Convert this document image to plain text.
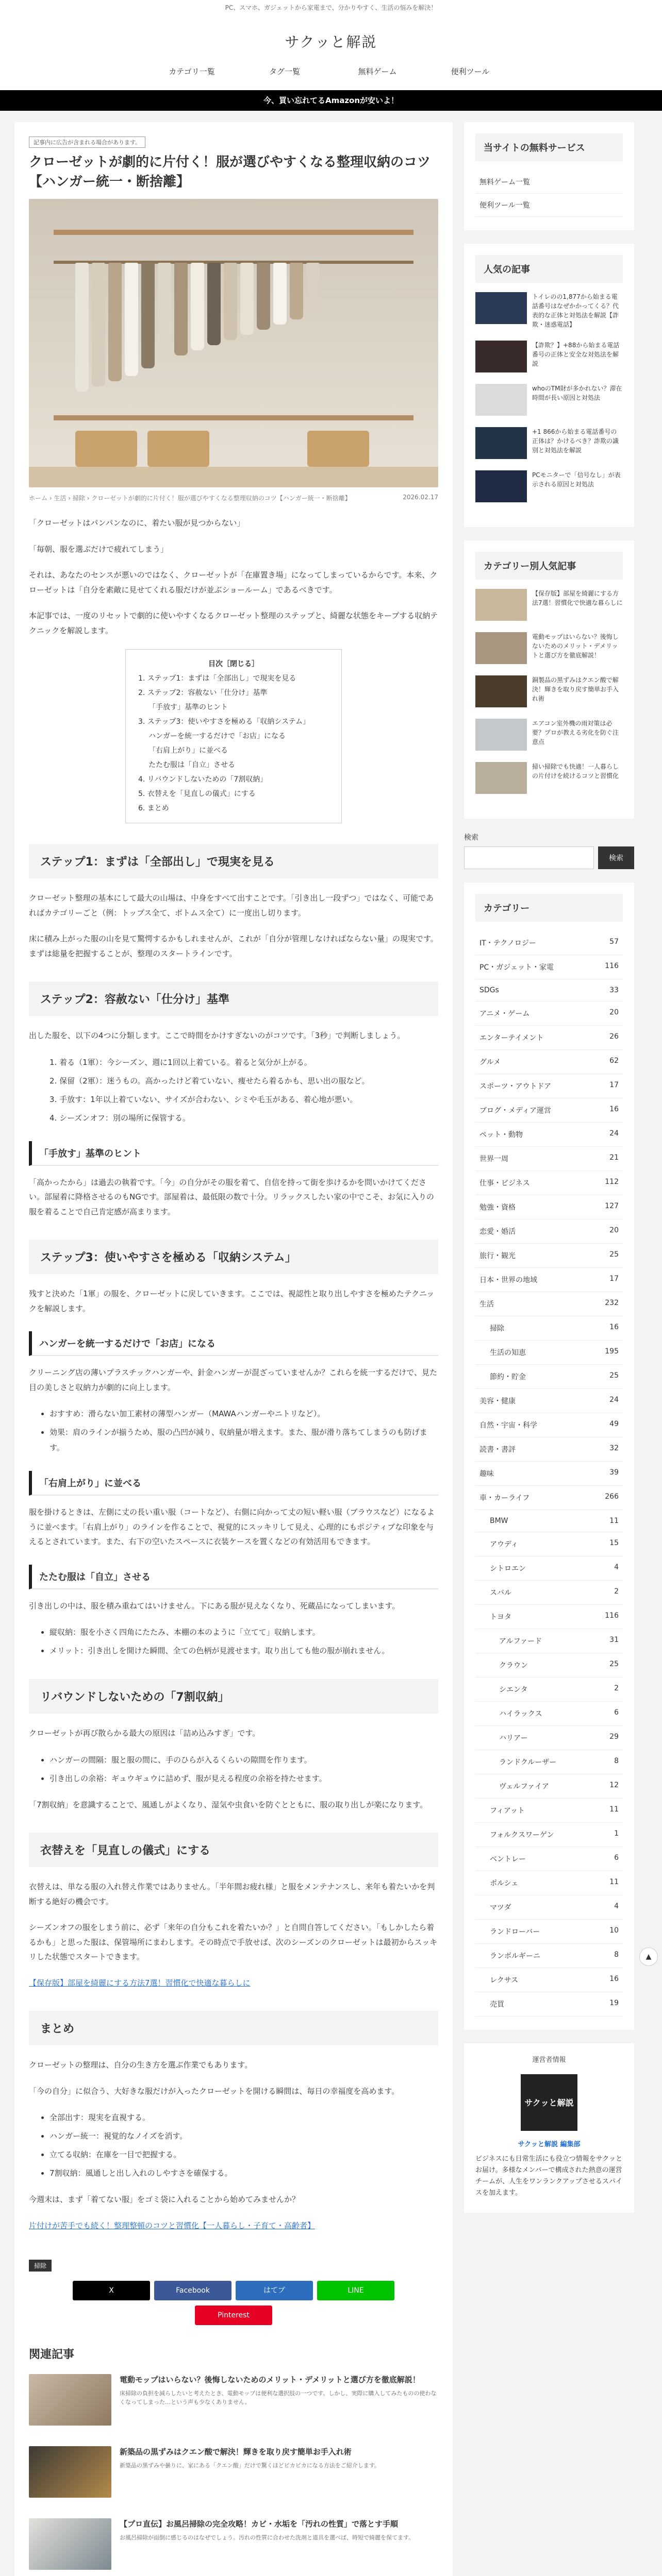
PC、スマホ、ガジェットから家電まで、分かりやすく、生活の悩みを解決！
サクッと解説
カテゴリ一覧	タグ一覧	無料ゲーム	便利ツール
今、買い忘れてるAmazonが安いよ！
記事内に広告が含まれる場合があります。
クローゼットが劇的に片付く！服が選びやすくなる整理収納のコツ【ハンガー統一・断捨離】
ホーム › 生活 › 掃除 › クローゼットが劇的に片付く！服が選びやすくなる整理収納のコツ【ハンガー統一・断捨離】	2026.02.17

「クローゼットはパンパンなのに、着たい服が見つからない」

「毎朝、服を選ぶだけで疲れてしまう」

それは、あなたのセンスが悪いのではなく、クローゼットが「在庫置き場」になってしまっているからです。本来、クローゼットは「自分を素敵に見せてくれる服だけが並ぶショールーム」であるべきです。

本記事では、一度のリセットで劇的に使いやすくなるクローゼット整理のステップと、綺麗な状態をキープする収納テクニックを解説します。

目次［閉じる］
1. ステップ1：まずは「全部出し」で現実を見る
2. ステップ2：容赦ない「仕分け」基準
「手放す」基準のヒント
3. ステップ3：使いやすさを極める「収納システム」
ハンガーを統一するだけで「お店」になる
「右肩上がり」に並べる
たたむ服は「自立」させる
4. リバウンドしないための「7割収納」
5. 衣替えを「見直しの儀式」にする
6. まとめ
ステップ1：まずは「全部出し」で現実を見る

クローゼット整理の基本にして最大の山場は、中身をすべて出すことです。「引き出し一段ずつ」ではなく、可能であればカテゴリーごと（例：トップス全て、ボトムス全て）に一度出し切ります。

床に積み上がった服の山を見て驚愕するかもしれませんが、これが「自分が管理しなければならない量」の現実です。まずは総量を把握することが、整理のスタートラインです。

ステップ2：容赦ない「仕分け」基準

出した服を、以下の4つに分類します。ここで時間をかけすぎないのがコツです。「3秒」で判断しましょう。

1. 着る（1軍）：今シーズン、週に1回以上着ている。着ると気分が上がる。
2. 保留（2軍）：迷うもの。高かったけど着ていない、痩せたら着るかも、思い出の服など。
3. 手放す：1年以上着ていない、サイズが合わない、シミや毛玉がある、着心地が悪い。
4. シーズンオフ：別の場所に保管する。
「手放す」基準のヒント

「高かったから」は過去の執着です。「今」の自分がその服を着て、自信を持って街を歩けるかを問いかけてください。部屋着に降格させるのもNGです。部屋着は、最低限の数で十分。リラックスしたい家の中でこそ、お気に入りの服を着ることで自己肯定感が高まります。

ステップ3：使いやすさを極める「収納システム」

残すと決めた「1軍」の服を、クローゼットに戻していきます。ここでは、視認性と取り出しやすさを極めたテクニックを解説します。

ハンガーを統一するだけで「お店」になる

クリーニング店の薄いプラスチックハンガーや、針金ハンガーが混ざっていませんか？これらを統一するだけで、見た目の美しさと収納力が劇的に向上します。

• おすすめ：滑らない加工素材の薄型ハンガー（MAWAハンガーやニトリなど）。
• 効果：肩のラインが揃うため、服の凸凹が減り、収納量が増えます。また、服が滑り落ちてしまうのも防げます。
「右肩上がり」に並べる

服を掛けるときは、左側に丈の長い重い服（コートなど）、右側に向かって丈の短い軽い服（ブラウスなど）になるように並べます。「右肩上がり」のラインを作ることで、視覚的にスッキリして見え、心理的にもポジティブな印象を与えるとされています。また、右下の空いたスペースに衣装ケースを置くなどの有効活用もできます。

たたむ服は「自立」させる

引き出しの中は、服を積み重ねてはいけません。下にある服が見えなくなり、死蔵品になってしまいます。

• 縦収納：服を小さく四角にたたみ、本棚の本のように「立てて」収納します。
• メリット：引き出しを開けた瞬間、全ての色柄が見渡せます。取り出しても他の服が崩れません。
リバウンドしないための「7割収納」

クローゼットが再び散らかる最大の原因は「詰め込みすぎ」です。

• ハンガーの間隔：服と服の間に、手のひらが入るくらいの隙間を作ります。
• 引き出しの余裕：ギュウギュウに詰めず、服が見える程度の余裕を持たせます。

「7割収納」を意識することで、風通しがよくなり、湿気や虫食いを防ぐとともに、服の取り出しが楽になります。

衣替えを「見直しの儀式」にする

衣替えは、単なる服の入れ替え作業ではありません。「半年間お疲れ様」と服をメンテナンスし、来年も着たいかを判断する絶好の機会です。

シーズンオフの服をしまう前に、必ず「来年の自分もこれを着たいか？」と自問自答してください。「もしかしたら着るかも」と思った服は、保管場所にまわします。その時点で手放せば、次のシーズンのクローゼットは最初からスッキリした状態でスタートできます。

【保存版】部屋を綺麗にする方法7選！習慣化で快適な暮らしに

まとめ

クローゼットの整理は、自分の生き方を選ぶ作業でもあります。

「今の自分」に似合う、大好きな服だけが入ったクローゼットを開ける瞬間は、毎日の幸福度を高めます。

• 全部出す：現実を直視する。
• ハンガー統一：視覚的なノイズを消す。
• 立てる収納：在庫を一目で把握する。
• 7割収納：風通しと出し入れのしやすさを確保する。

今週末は、まず「着てない服」をゴミ袋に入れることから始めてみませんか？

片付けが苦手でも続く！整理整頓のコツと習慣化【一人暮らし・子育て・高齢者】

掃除
X	Facebook	はてブ	LINE
Pinterest
関連記事
電動モップはいらない？後悔しないためのメリット・デメリットと選び方を徹底解説！
床掃除の負担を減らしたいと考えたとき、電動モップは便利な選択肢の一つです。しかし、実際に購入してみたものの使わなくなってしまった…という声も少なくありません。
新築品の黒ずみはクエン酸で解決！輝きを取り戻す簡単お手入れ術
新築品の黒ずみや曇りに、家にある「クエン酸」だけで驚くほどピカピカになる方法をご紹介します。
【プロ直伝】お風呂掃除の完全攻略！カビ・水垢を「汚れの性質」で落とす手順
お風呂掃除が面倒に感じるのはなぜでしょう。汚れの性質に合わせた洗剤と道具を選べば、時短で綺麗を保てます。
当サイトの無料サービス
無料ゲーム一覧
便利ツール一覧
人気の記事
トイレのの1,877から始まる電話番号はなぜかかってくる？代表的な正体と対処法を解説【詐欺・迷惑電話】
【詐欺？】+88から始まる電話番号の正体と安全な対処法を解説
whoのTM財が多かれない？滞在時間が長い原因と対処法
+1 866から始まる電話番号の正体は？かけるべき？詐欺の識別と対処法を解説
PCモニターで「信号なし」が表示される原因と対処法
カテゴリー別人気記事
【保存版】部屋を綺麗にする方法7選！習慣化で快適な暮らしに
電動モップはいらない？後悔しないためのメリット・デメリットと選び方を徹底解説！
銅製品の黒ずみはクエン酸で解決！輝きを取り戻す簡単お手入れ術
エアコン室外機の雨対策は必要？プロが教える劣化を防ぐ注意点
掃い掃除でも快適！一人暮らしの片付けを続けるコツと習慣化
検索
検索
カテゴリー
IT・テクノロジー	57
PC・ガジェット・家電	116
SDGs	33
アニメ・ゲーム	20
エンターテイメント	26
グルメ	62
スポーツ・アウトドア	17
ブログ・メディア運営	16
ペット・動物	24
世界一周	21
仕事・ビジネス	112
勉強・資格	127
恋愛・婚活	20
旅行・観光	25
日本・世界の地域	17
生活	232
掃除	16
生活の知恵	195
節約・貯金	25
美容・健康	24
自然・宇宙・科学	49
読書・書評	32
趣味	39
車・カーライフ	266
BMW	11
アウディ	15
シトロエン	4
スバル	2
トヨタ	116
アルファード	31
クラウン	25
シエンタ	2
ハイラックス	6
ハリアー	29
ランドクルーザー	8
ヴェルファイア	12
フィアット	11
フォルクスワーゲン	1
ベントレー	6
ポルシェ	11
マツダ	4
ランドローバー	10
ランボルギーニ	8
レクサス	16
売買	19
運営者情報
サクッと解説
サクッと解説 編集部
ビジネスにも日常生活にも役立つ情報をサクッとお届け。多様なメンバーで構成された熱意の運営チームが、人生をワンランクアップさせるスパイスを加えます。
▲
